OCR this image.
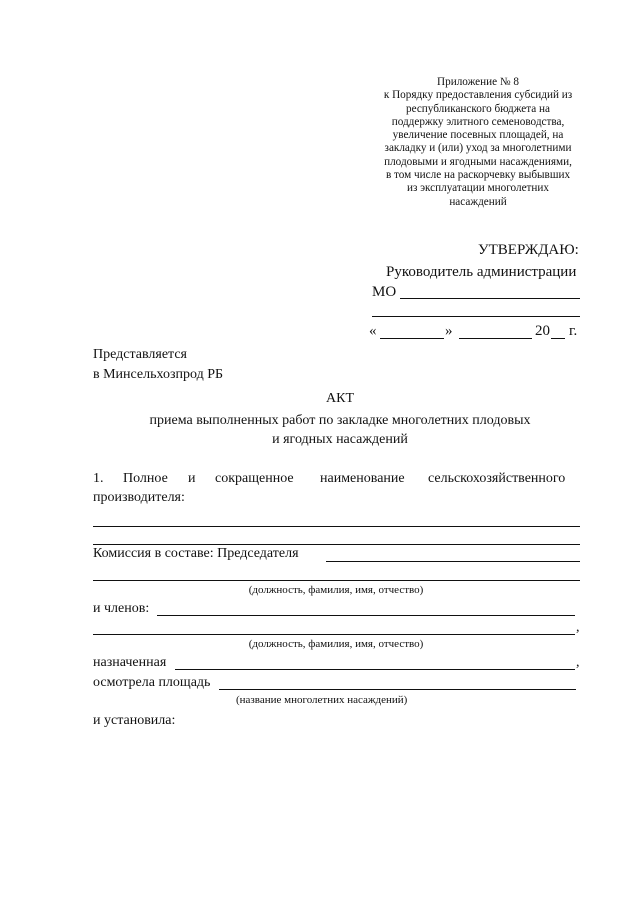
Приложение № 8
к Порядку предоставления субсидий из
республиканского бюджета на
поддержку элитного семеноводства,
увеличение посевных площадей, на
закладку и (или) уход за многолетними
плодовыми и ягодными насаждениями,
в том числе на раскорчевку выбывших
из эксплуатации многолетних
насаждений
УТВЕРЖДАЮ:
Руководитель администрации
МО
«	»	20 г.
Представляется
в Минсельхозпрод РБ
АКТ
приема выполненных работ по закладке многолетних плодовых
и ягодных насаждений
1. Полное и сокращенное наименование сельскохозяйственного
производителя:
Комиссия в составе: Председателя
(должность, фамилия, имя, отчество)
и членов:
,
(должность, фамилия, имя, отчество)
назначенная	,
осмотрела площадь
(название многолетних насаждений)
и установила:
